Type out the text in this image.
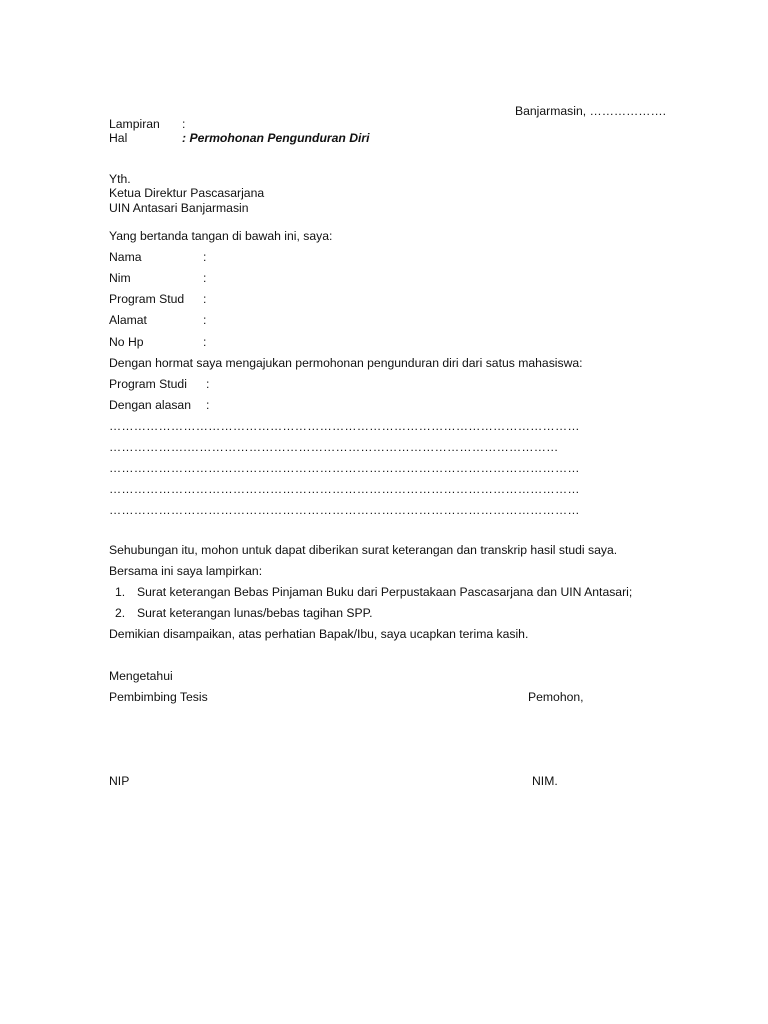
Banjarmasin, ……………….
Lampiran :
Hal	: Permohonan Pengunduran Diri
Yth.
Ketua Direktur Pascasarjana
UIN Antasari Banjarmasin
Yang bertanda tangan di bawah ini, saya:
Nama	:
Nim	:
Program Stud :
Alamat	:
No Hp	:
Dengan hormat saya mengajukan permohonan pengunduran diri dari satus mahasiswa:
Program Studi :
Dengan alasan :
……………………………………………………………………………………………………
……………….………………………………………………………………………………
……………………………………………………………………………………………………
……………………………………………………………………………………………………
……………………………………………………………………………………………………
Sehubungan itu, mohon untuk dapat diberikan surat keterangan dan transkrip hasil studi saya.
Bersama ini saya lampirkan:
1. Surat keterangan Bebas Pinjaman Buku dari Perpustakaan Pascasarjana dan UIN Antasari;
2. Surat keterangan lunas/bebas tagihan SPP.
Demikian disampaikan, atas perhatian Bapak/Ibu, saya ucapkan terima kasih.
Mengetahui
Pembimbing Tesis	Pemohon,
NIP	NIM.
